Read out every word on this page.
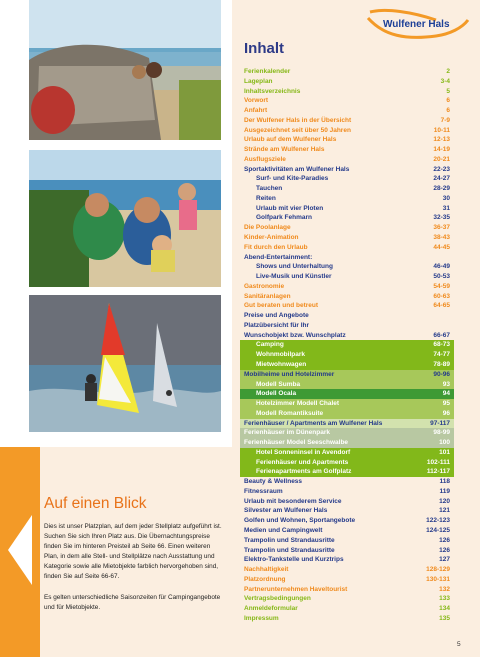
Auf einen Blick

Dies ist unser Platzplan, auf dem jeder Stellplatz aufgeführt ist. Suchen Sie sich Ihren Platz aus. Die Übernachtungspreise finden Sie im hinteren Preisteil ab Seite 66. Einen weiteren Plan, in dem alle Stell- und Stellplätze nach Ausstattung und Kategorie sowie alle Mietobjekte farblich hervorgehoben sind, finden Sie auf Seite 66-67.

Es gelten unterschiedliche Saisonzeiten für Campingangebote und für Mietobjekte.

Wulfener Hals
Inhalt
Ferienkalender	2
Lageplan	3-4
Inhaltsverzeichnis	5
Vorwort	6
Anfahrt	6
Der Wulfener Hals in der Übersicht	7-9
Ausgezeichnet seit über 50 Jahren	10-11
Urlaub auf dem Wulfener Hals	12-13
Strände am Wulfener Hals	14-19
Ausflugsziele	20-21
Sportaktivitäten am Wulfener Hals	22-23
Surf- und Kite-Paradies	24-27
Tauchen	28-29
Reiten	30
Urlaub mit vier Ploten	31
Golfpark Fehmarn	32-35
Die Poolanlage	36-37
Kinder-Animation	38-43
Fit durch den Urlaub	44-45
Abend-Entertainment:
Shows und Unterhaltung	46-49
Live-Musik und Künstler	50-53
Gastronomie	54-59
Sanitäranlagen	60-63
Gut beraten und betreut	64-65
Preise und Angebote
Platzübersicht für Ihr
Wunschobjekt bzw. Wunschplatz	66-67
Camping	68-73
Wohnmobilpark	74-77
Mietwohnwagen	78-89
Mobilheime und Hotelzimmer	90-96
Modell Sumba	93
Modell Ocala	94
Hotelzimmer Modell Chalet	95
Modell Romantiksuite	96
Ferienhäuser / Apartments am Wulfener Hals	97-117
Ferienhäuser im Dünenpark	98-99
Ferienhäuser Model Seeschwalbe	100
Hotel Sonneninsel in Avendorf	101
Ferienhäuser und Apartments	102-111
Ferienapartments am Golfplatz	112-117
Beauty & Wellness	118
Fitnessraum	119
Urlaub mit besonderem Service	120
Silvester am Wulfener Hals	121
Golfen und Wohnen, Sportangebote	122-123
Medien und Campingwelt	124-125
Trampolin und Strandausritte	126
Trampolin und Strandausritte	126
Elektro-Tankstelle und Kurztrips	127
Nachhaltigkeit	128-129
Platzordnung	130-131
Partnerunternehmen Haveltourist	132
Vertragsbedingungen	133
Anmeldeformular	134
Impressum	135
5
